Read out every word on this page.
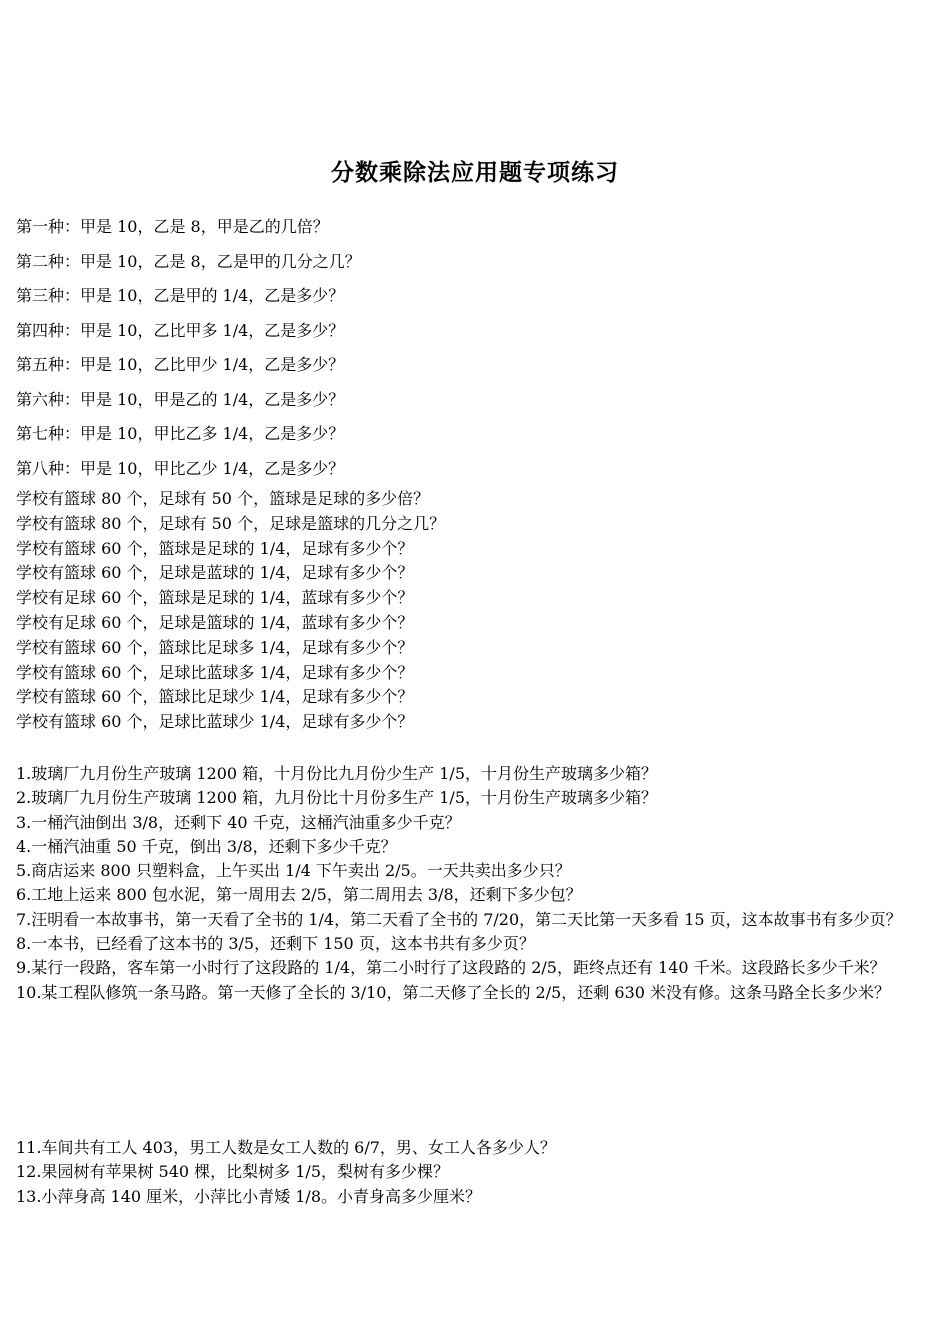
分数乘除法应用题专项练习
第一种：甲是 10，乙是 8，甲是乙的几倍？
第二种：甲是 10，乙是 8，乙是甲的几分之几？
第三种：甲是 10，乙是甲的 1/4，乙是多少？
第四种：甲是 10，乙比甲多 1/4，乙是多少？
第五种：甲是 10，乙比甲少 1/4，乙是多少？
第六种：甲是 10，甲是乙的 1/4，乙是多少？
第七种：甲是 10，甲比乙多 1/4，乙是多少？
第八种：甲是 10，甲比乙少 1/4，乙是多少？
学校有篮球 80 个，足球有 50 个，篮球是足球的多少倍？
学校有篮球 80 个，足球有 50 个，足球是篮球的几分之几？
学校有篮球 60 个，篮球是足球的 1/4，足球有多少个？
学校有篮球 60 个，足球是蓝球的 1/4，足球有多少个？
学校有足球 60 个，篮球是足球的 1/4，蓝球有多少个？
学校有足球 60 个，足球是篮球的 1/4，蓝球有多少个？
学校有篮球 60 个，篮球比足球多 1/4，足球有多少个？
学校有篮球 60 个，足球比蓝球多 1/4，足球有多少个？
学校有篮球 60 个，篮球比足球少 1/4，足球有多少个？
学校有篮球 60 个，足球比蓝球少 1/4，足球有多少个？
1.玻璃厂九月份生产玻璃 1200 箱，十月份比九月份少生产 1/5，十月份生产玻璃多少箱？
2.玻璃厂九月份生产玻璃 1200 箱，九月份比十月份多生产 1/5，十月份生产玻璃多少箱？
3.一桶汽油倒出 3/8，还剩下 40 千克，这桶汽油重多少千克？
4.一桶汽油重 50 千克，倒出 3/8，还剩下多少千克？
5.商店运来 800 只塑料盒，上午买出 1/4 下午卖出 2/5。一天共卖出多少只？
6.工地上运来 800 包水泥，第一周用去 2/5，第二周用去 3/8，还剩下多少包？
7.汪明看一本故事书，第一天看了全书的 1/4，第二天看了全书的 7/20，第二天比第一天多看 15 页，这本故事书有多少页？
8.一本书，已经看了这本书的 3/5，还剩下 150 页，这本书共有多少页？
9.某行一段路，客车第一小时行了这段路的 1/4，第二小时行了这段路的 2/5，距终点还有 140 千米。这段路长多少千米？
10.某工程队修筑一条马路。第一天修了全长的 3/10，第二天修了全长的 2/5，还剩 630 米没有修。这条马路全长多少米？
11.车间共有工人 403，男工人数是女工人数的 6/7，男、女工人各多少人？
12.果园树有苹果树 540 棵，比梨树多 1/5，梨树有多少棵？
13.小萍身高 140 厘米，小萍比小青矮 1/8。小青身高多少厘米？
